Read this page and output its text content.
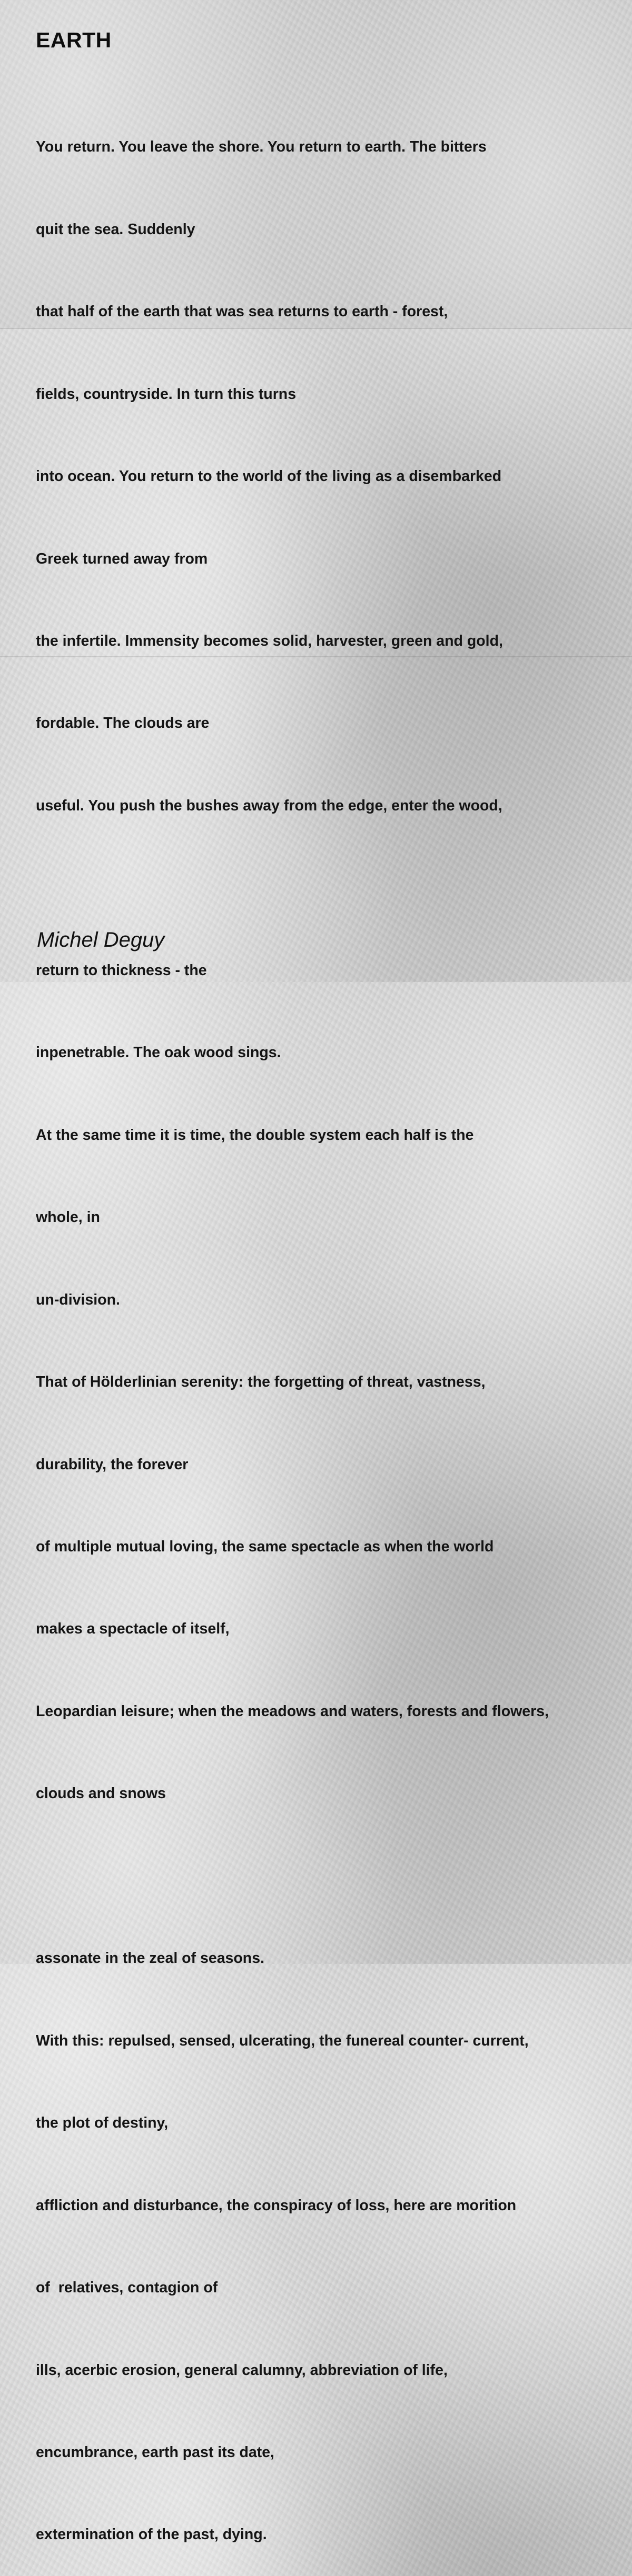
EARTH

You return. You leave the shore. You return to earth. The bitters

quit the sea. Suddenly

that half of the earth that was sea returns to earth - forest,

fields, countryside. In turn this turns

into ocean. You return to the world of the living as a disembarked

Greek turned away from

the infertile. Immensity becomes solid, harvester, green and gold,

fordable. The clouds are

useful. You push the bushes away from the edge, enter the wood,

return to thickness - the

inpenetrable. The oak wood sings.

At the same time it is time, the double system each half is the

whole, in

un-division.

That of Hölderlinian serenity: the forgetting of threat, vastness,

durability, the forever

of multiple mutual loving, the same spectacle as when the world

makes a spectacle of itself,

Leopardian leisure; when the meadows and waters, forests and flowers,

clouds and snows

assonate in the zeal of seasons.

With this: repulsed, sensed, ulcerating, the funereal counter- current,

the plot of destiny,

affliction and disturbance, the conspiracy of loss, here are morition

of  relatives, contagion of

ills, acerbic erosion, general calumny, abbreviation of life,

encumbrance, earth past its date,

extermination of the past, dying.

Michel Deguy
